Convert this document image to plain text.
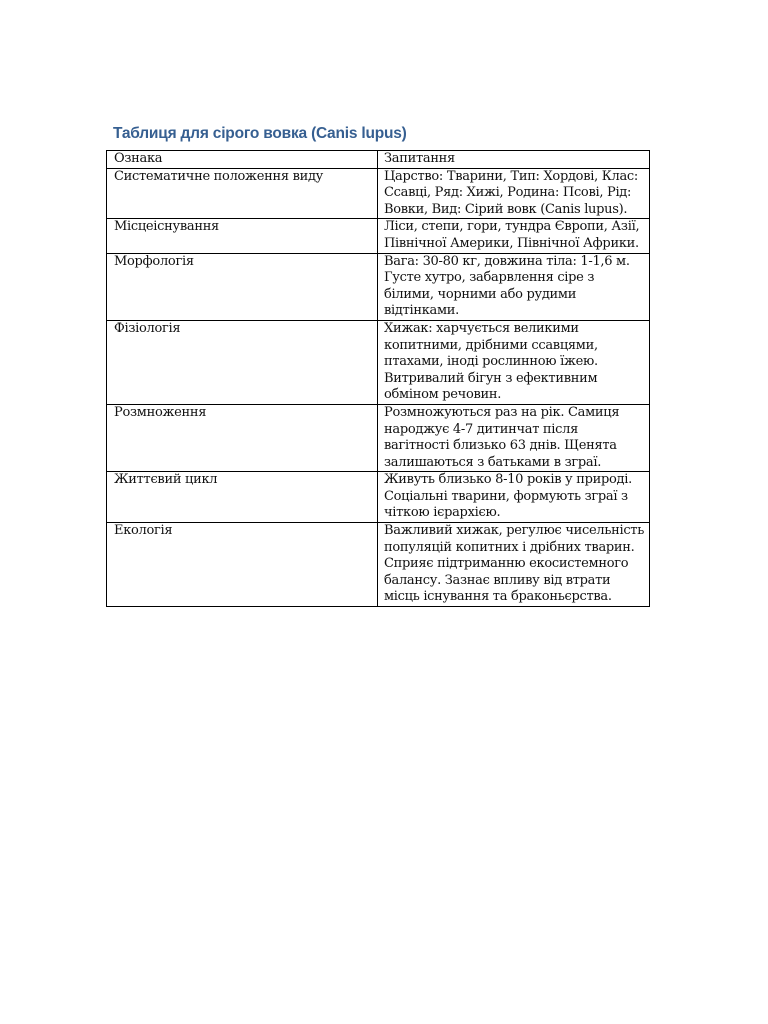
Таблиця для сірого вовка (Canis lupus)
Ознака	Запитання
Систематичне положення виду	Царство: Тварини, Тип: Хордові, Клас: Ссавці, Ряд: Хижі, Родина: Псові, Рід: Вовки, Вид: Сірий вовк (Canis lupus).
Місцеіснування	Ліси, степи, гори, тундра Європи, Азії, Північної Америки, Північної Африки.
Морфологія	Вага: 30-80 кг, довжина тіла: 1-1,6 м. Густе хутро, забарвлення сіре з білими, чорними або рудими відтінками.
Фізіологія	Хижак: харчується великими копитними, дрібними ссавцями, птахами, іноді рослинною їжею. Витривалий бігун з ефективним обміном речовин.
Розмноження	Розмножуються раз на рік. Самиця народжує 4-7 дитинчат після вагітності близько 63 днів. Щенята залишаються з батьками в зграї.
Життєвий цикл	Живуть близько 8-10 років у природі. Соціальні тварини, формують зграї з чіткою ієрархією.
Екологія	Важливий хижак, регулює чисельність популяцій копитних і дрібних тварин. Сприяє підтриманню екосистемного балансу. Зазнає впливу від втрати місць існування та браконьєрства.
